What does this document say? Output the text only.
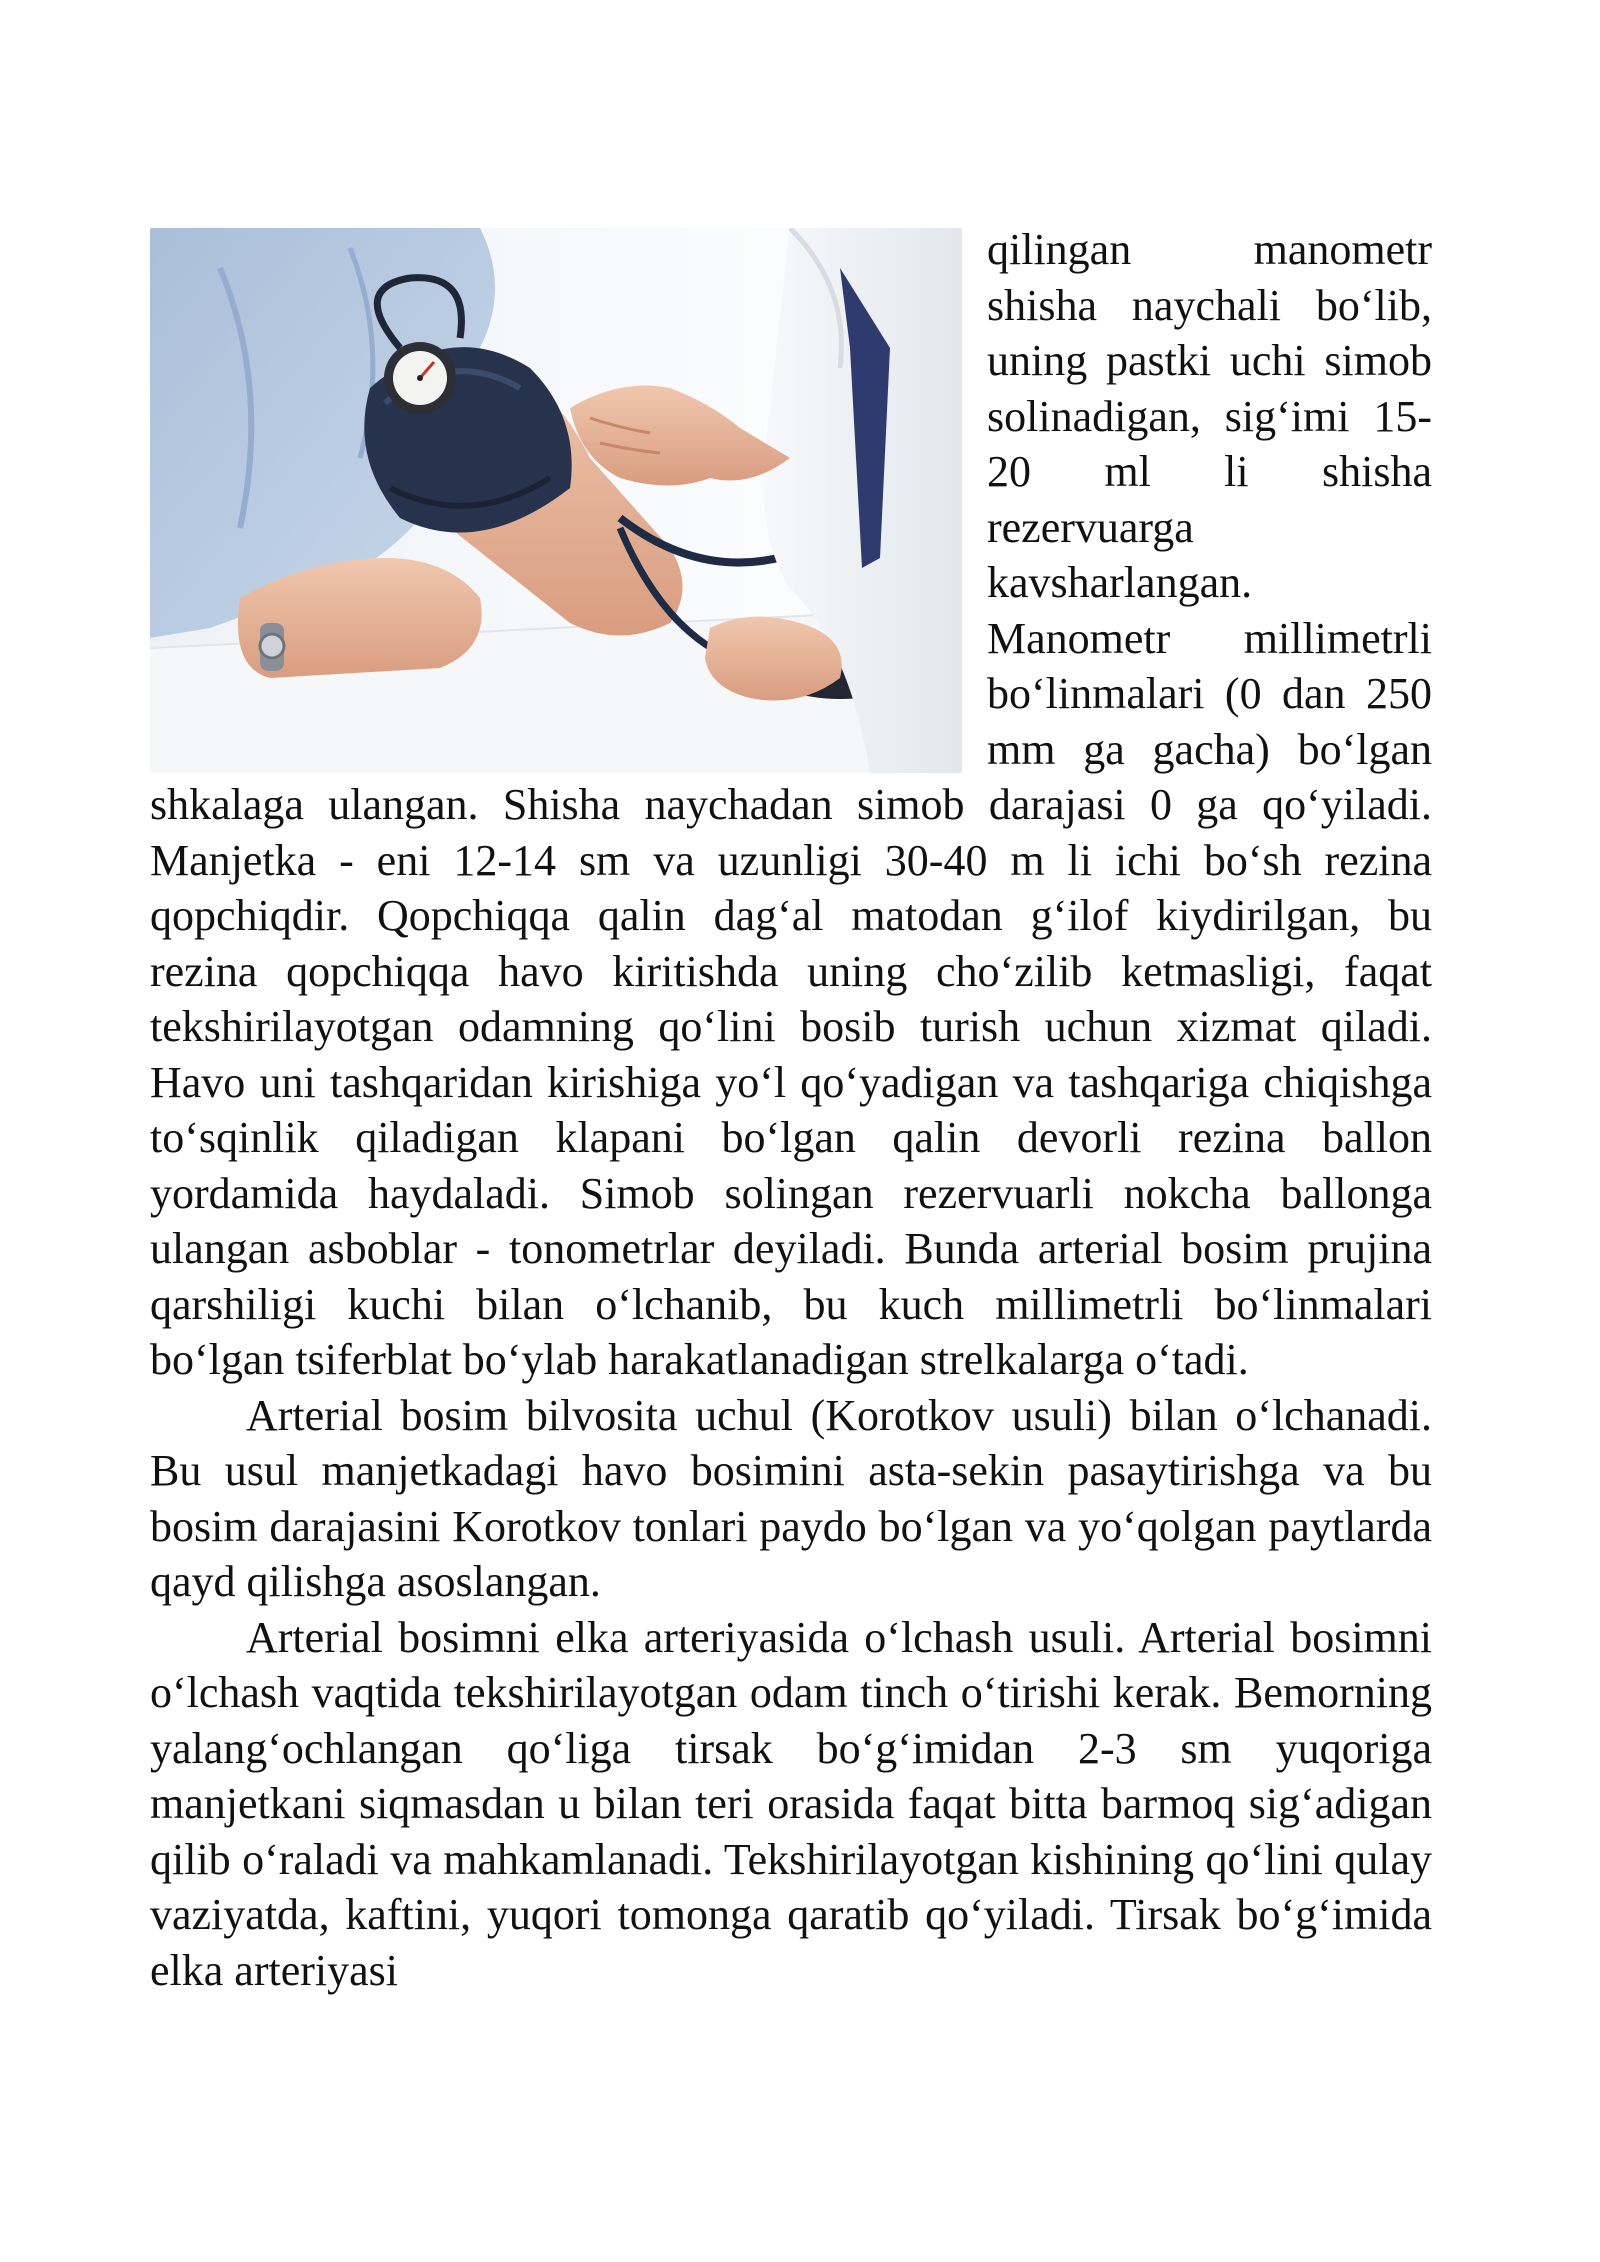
qilingan manometr shisha naychali bo‘lib, uning pastki uchi simob solinadigan, sig‘imi 15-20 ml li shisha rezervuarga kavsharlangan. Manometr millimetrli bo‘linmalari (0 dan 250 mm ga gacha) bo‘lgan shkalaga ulangan. Shisha naychadan simob darajasi 0 ga qo‘yiladi. Manjetka - eni 12-14 sm va uzunligi 30-40 m li ichi bo‘sh rezina qopchiqdir. Qopchiqqa qalin dag‘al matodan g‘ilof kiydirilgan, bu rezina qopchiqqa havo kiritishda uning cho‘zilib ketmasligi, faqat tekshirilayotgan odamning qo‘lini bosib turish uchun xizmat qiladi. Havo uni tashqaridan kirishiga yo‘l qo‘yadigan va tashqariga chiqishga to‘sqinlik qiladigan klapani bo‘lgan qalin devorli rezina ballon yordamida haydaladi. Simob solingan rezervuarli nokcha ballonga ulangan asboblar - tonometrlar deyiladi. Bunda arterial bosim prujina qarshiligi kuchi bilan o‘lchanib, bu kuch millimetrli bo‘linmalari bo‘lgan tsiferblat bo‘ylab harakatlanadigan strelkalarga o‘tadi.

Arterial bosim bilvosita uchul (Korotkov usuli) bilan o‘lchanadi. Bu usul manjetkadagi havo bosimini asta-sekin pasaytirishga va bu bosim darajasini Korotkov tonlari paydo bo‘lgan va yo‘qolgan paytlarda qayd qilishga asoslangan.

Arterial bosimni elka arteriyasida o‘lchash usuli. Arterial bosimni o‘lchash vaqtida tekshirilayotgan odam tinch o‘tirishi kerak. Bemorning yalang‘ochlangan qo‘liga tirsak bo‘g‘imidan 2-3 sm yuqoriga manjetkani siqmasdan u bilan teri orasida faqat bitta barmoq sig‘adigan qilib o‘raladi va mahkamlanadi. Tekshirilayotgan kishining qo‘lini qulay vaziyatda, kaftini, yuqori tomonga qaratib qo‘yiladi. Tirsak bo‘g‘imida elka arteriyasi
